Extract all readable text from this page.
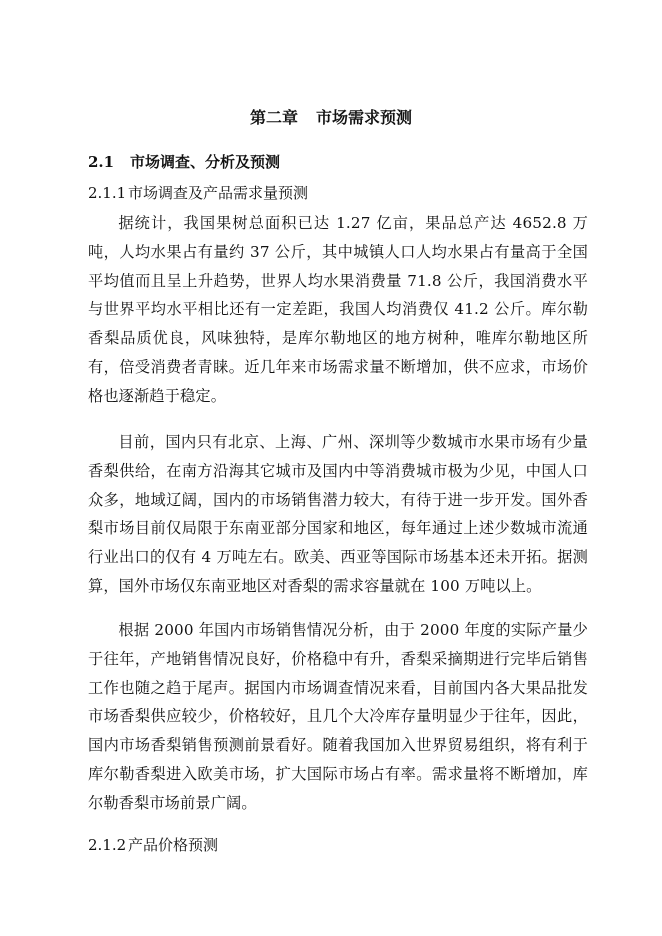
第二章 市场需求预测
2.1 市场调查、分析及预测
2.1.1 市场调查及产品需求量预测

据统计，我国果树总面积已达 1.27 亿亩，果品总产达 4652.8 万吨，人均水果占有量约 37 公斤，其中城镇人口人均水果占有量高于全国平均值而且呈上升趋势，世界人均水果消费量 71.8 公斤，我国消费水平与世界平均水平相比还有一定差距，我国人均消费仅 41.2 公斤。库尔勒香梨品质优良，风味独特，是库尔勒地区的地方树种，唯库尔勒地区所有，倍受消费者青睐。近几年来市场需求量不断增加，供不应求，市场价格也逐渐趋于稳定。

目前，国内只有北京、上海、广州、深圳等少数城市水果市场有少量香梨供给，在南方沿海其它城市及国内中等消费城市极为少见，中国人口众多，地域辽阔，国内的市场销售潜力较大，有待于进一步开发。国外香梨市场目前仅局限于东南亚部分国家和地区，每年通过上述少数城市流通行业出口的仅有 4 万吨左右。欧美、西亚等国际市场基本还未开拓。据测算，国外市场仅东南亚地区对香梨的需求容量就在 100 万吨以上。

根据 2000 年国内市场销售情况分析，由于 2000 年度的实际产量少于往年，产地销售情况良好，价格稳中有升，香梨采摘期进行完毕后销售工作也随之趋于尾声。据国内市场调查情况来看，目前国内各大果品批发市场香梨供应较少，价格较好，且几个大冷库存量明显少于往年，因此，国内市场香梨销售预测前景看好。随着我国加入世界贸易组织，将有利于库尔勒香梨进入欧美市场，扩大国际市场占有率。需求量将不断增加，库尔勒香梨市场前景广阔。

2.1.2 产品价格预测
